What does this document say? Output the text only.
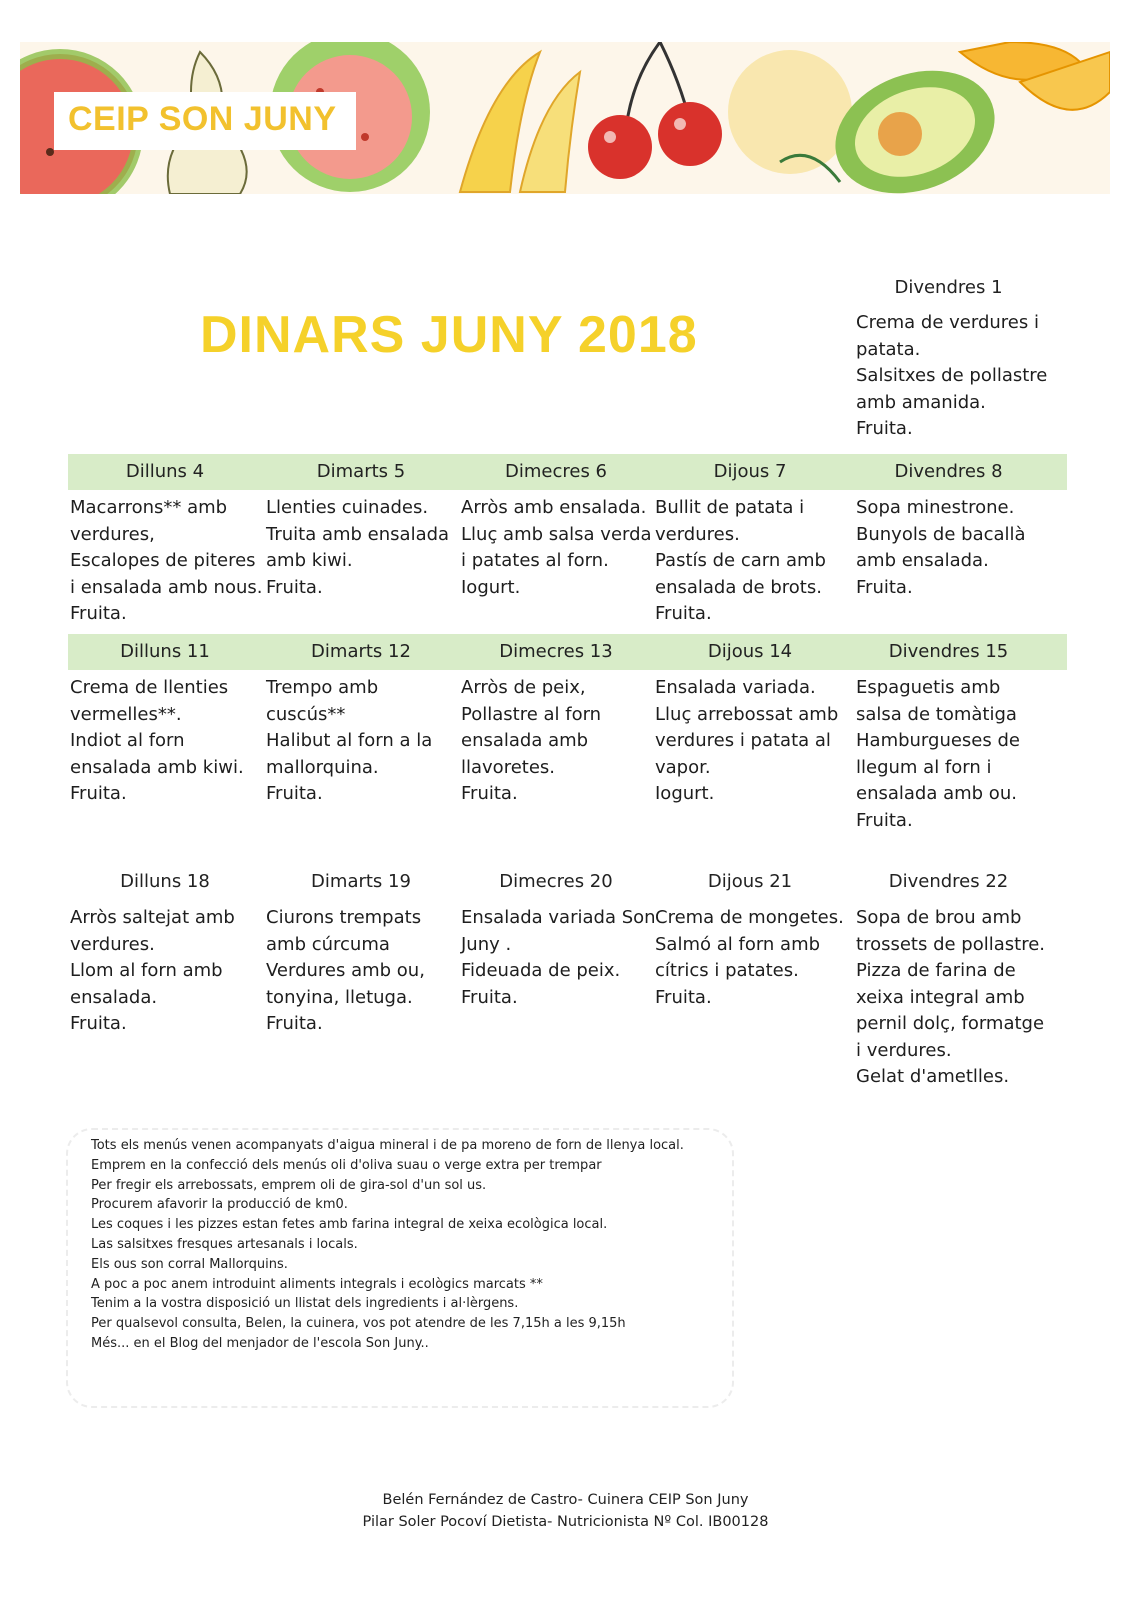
CEIP SON JUNY
DINARS JUNY 2018
Divendres 1
Crema de verdures i
patata.
Salsitxes de pollastre
amb amanida.
Fruita.
Dilluns 4
Macarrons** amb
verdures,
Escalopes de piteres
i ensalada amb nous.
Fruita.
Dimarts 5
Llenties cuinades.
Truita amb ensalada
amb kiwi.
Fruita.
Dimecres 6
Arròs amb ensalada.
Lluç amb salsa verda
i patates al forn.
Iogurt.
Dijous 7
Bullit de patata i
verdures.
Pastís de carn amb
ensalada de brots.
Fruita.
Divendres 8
Sopa minestrone.
Bunyols de bacallà
amb ensalada.
Fruita.
Dilluns 11
Crema de llenties
vermelles**.
Indiot al forn
ensalada amb kiwi.
Fruita.
Dimarts 12
Trempo amb
cuscús**
Halibut al forn a la
mallorquina.
Fruita.
Dimecres 13
Arròs de peix,
Pollastre al forn
ensalada amb
llavoretes.
Fruita.
Dijous 14
Ensalada variada.
Lluç arrebossat amb
verdures i patata al
vapor.
Iogurt.
Divendres 15
Espaguetis amb
salsa de tomàtiga
Hamburgueses de
llegum al forn i
ensalada amb ou.
Fruita.
Dilluns 18
Arròs saltejat amb
verdures.
Llom al forn amb
ensalada.
Fruita.
Dimarts 19
Ciurons trempats
amb cúrcuma
Verdures amb ou,
tonyina, lletuga.
Fruita.
Dimecres 20
Ensalada variada Son
Juny .
Fideuada de peix.
Fruita.
Dijous 21
Crema de mongetes.
Salmó al forn amb
cítrics i patates.
Fruita.
Divendres 22
Sopa de brou amb
trossets de pollastre.
Pizza de farina de
xeixa integral amb
pernil dolç, formatge
i verdures.
Gelat d'ametlles.
Tots els menús venen acompanyats d'aigua mineral i de pa moreno de forn de llenya local.
Emprem en la confecció dels menús oli d'oliva suau o verge extra per trempar
Per fregir els arrebossats, emprem oli de gira-sol d'un sol us.
Procurem afavorir la producció de km0.
Les coques i les pizzes estan fetes amb farina integral de xeixa ecològica local.
Las salsitxes fresques artesanals i locals.
Els ous son corral Mallorquins.
A poc a poc anem introduint aliments integrals i ecològics marcats **
Tenim a la vostra disposició un llistat dels ingredients i al·lèrgens.
Per qualsevol consulta, Belen, la cuinera, vos pot atendre de les 7,15h a les 9,15h
Més... en el Blog del menjador de l'escola Son Juny..
Belén Fernández de Castro- Cuinera CEIP Son Juny
Pilar Soler Pocoví Dietista- Nutricionista Nº Col. IB00128
